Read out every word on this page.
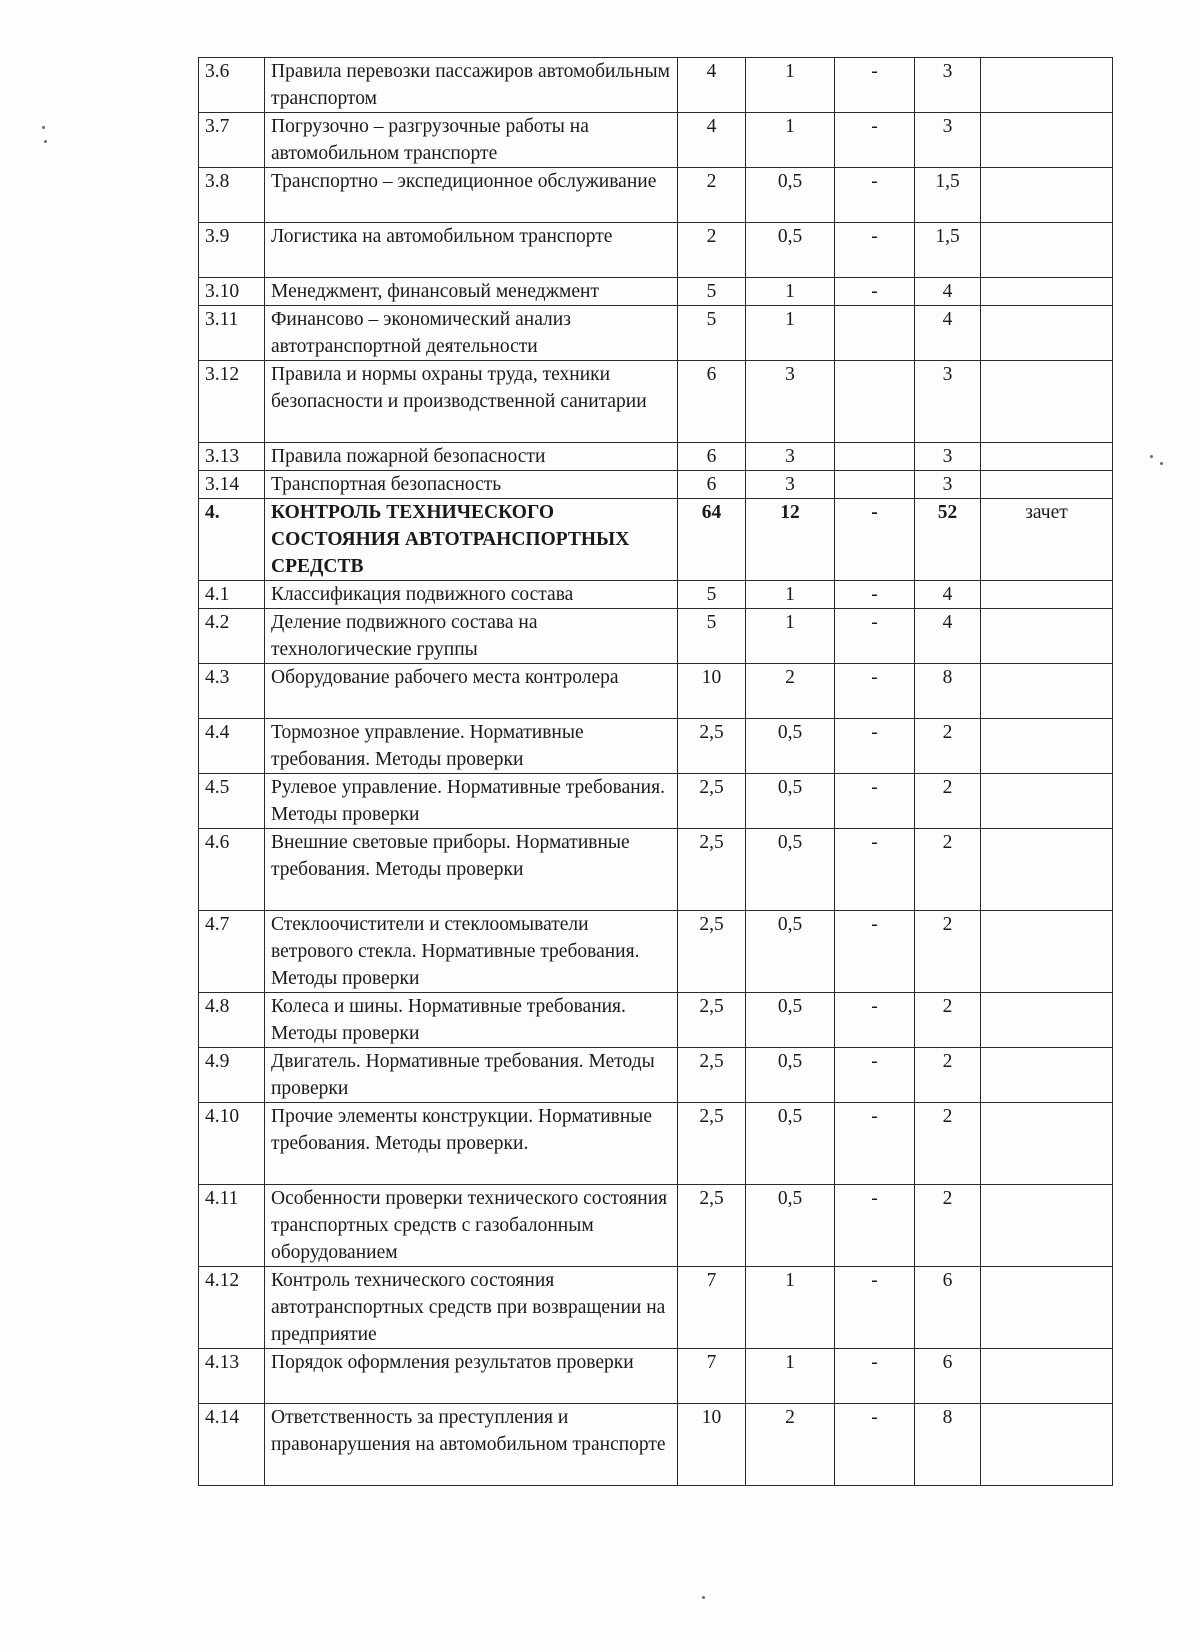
3.6	Правила перевозки пассажиров автомобильным транспортом	4	1	-	3	
3.7	Погрузочно – разгрузочные работы на автомобильном транспорте	4	1	-	3	
3.8	Транспортно – экспедиционное обслуживание	2	0,5	-	1,5	
3.9	Логистика на автомобильном транспорте	2	0,5	-	1,5	
3.10	Менеджмент, финансовый менеджмент	5	1	-	4	
3.11	Финансово – экономический анализ автотранспортной деятельности	5	1		4	
3.12	Правила и нормы охраны труда, техники безопасности и производственной санитарии	6	3		3	
3.13	Правила пожарной безопасности	6	3		3	
3.14	Транспортная безопасность	6	3		3	
4.	КОНТРОЛЬ ТЕХНИЧЕСКОГО СОСТОЯНИЯ АВТОТРАНСПОРТНЫХ СРЕДСТВ	64	12	-	52	зачет
4.1	Классификация подвижного состава	5	1	-	4	
4.2	Деление подвижного состава на технологические группы	5	1	-	4	
4.3	Оборудование рабочего места контролера	10	2	-	8	
4.4	Тормозное управление. Нормативные требования. Методы проверки	2,5	0,5	-	2	
4.5	Рулевое управление. Нормативные требования. Методы проверки	2,5	0,5	-	2	
4.6	Внешние световые приборы. Нормативные требования. Методы проверки	2,5	0,5	-	2	
4.7	Стеклоочистители и стеклоомыватели ветрового стекла. Нормативные требования. Методы проверки	2,5	0,5	-	2	
4.8	Колеса и шины. Нормативные требования. Методы проверки	2,5	0,5	-	2	
4.9	Двигатель. Нормативные требования. Методы проверки	2,5	0,5	-	2	
4.10	Прочие элементы конструкции. Нормативные требования. Методы проверки.	2,5	0,5	-	2	
4.11	Особенности проверки технического состояния транспортных средств с газобалонным оборудованием	2,5	0,5	-	2	
4.12	Контроль технического состояния автотранспортных средств при возвращении на предприятие	7	1	-	6	
4.13	Порядок оформления результатов проверки	7	1	-	6	
4.14	Ответственность за преступления и правонарушения на автомобильном транспорте	10	2	-	8	
